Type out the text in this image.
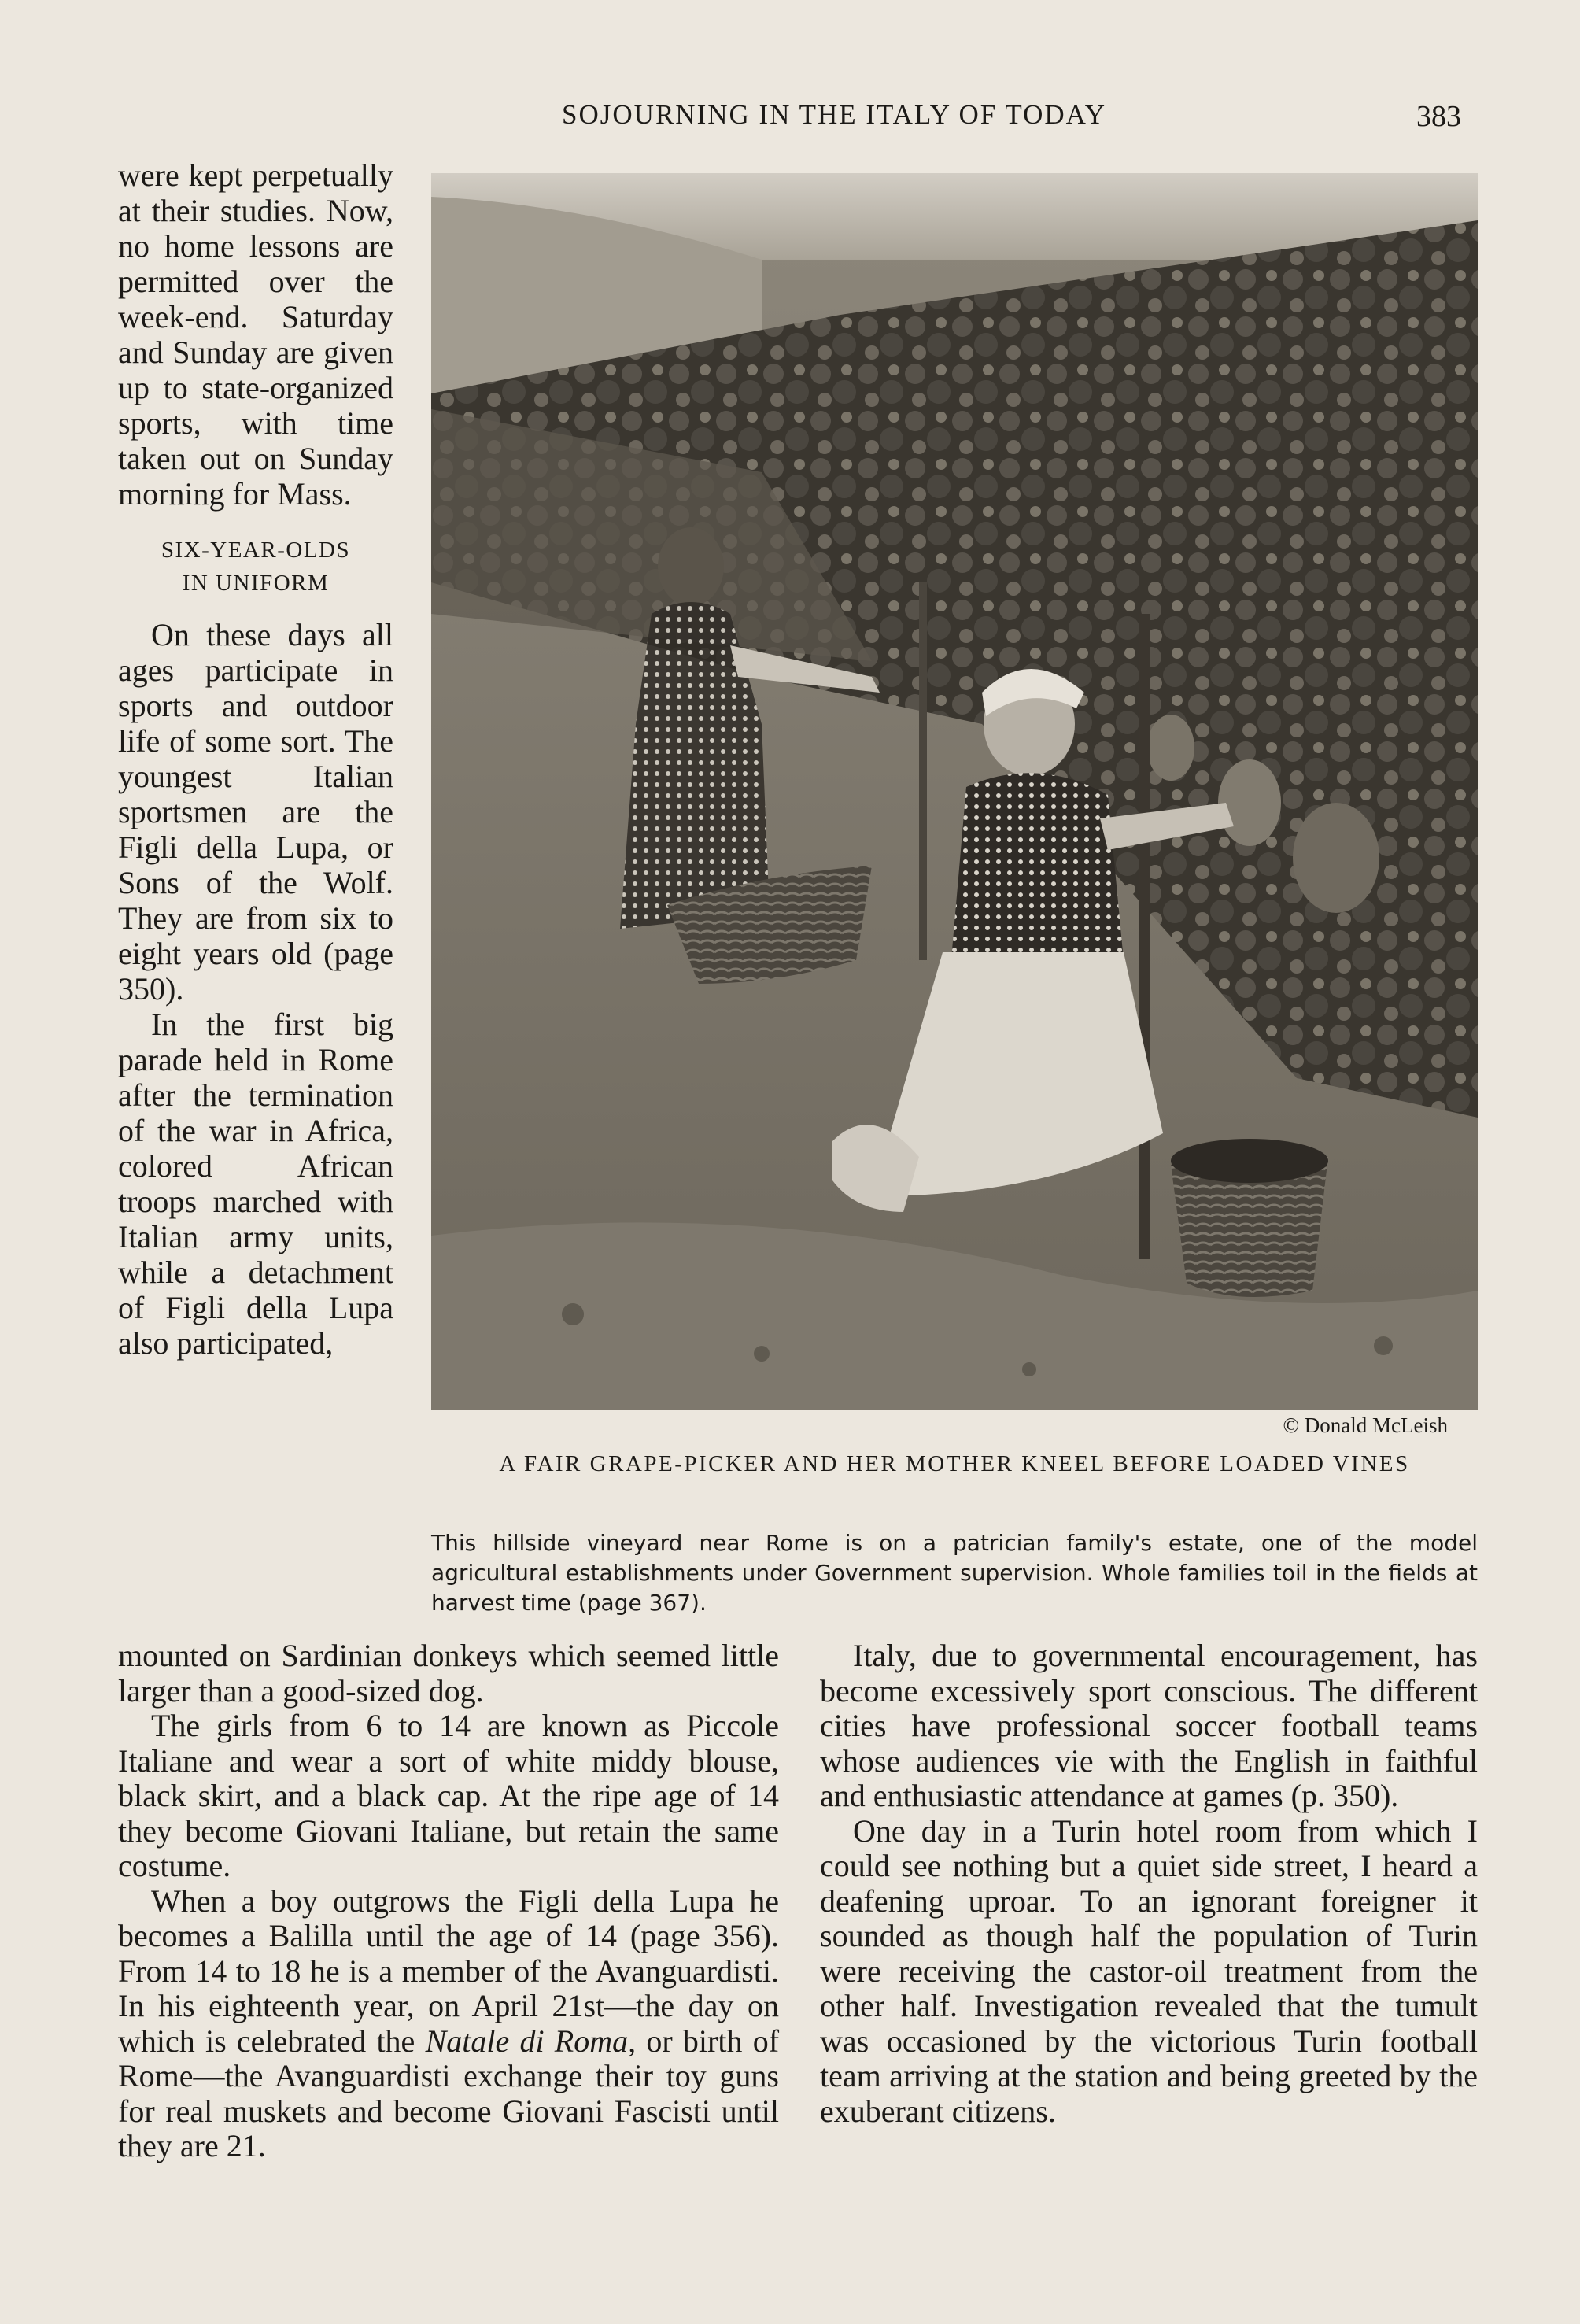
SOJOURNING IN THE ITALY OF TODAY	383

were kept perpetually at their studies. Now, no home lessons are permitted over the week-end. Saturday and Sunday are given up to state-organized sports, with time taken out on Sunday morning for Mass.

SIX-YEAR-OLDS
IN UNIFORM

On these days all ages participate in sports and outdoor life of some sort. The youngest Italian sportsmen are the Figli della Lupa, or Sons of the Wolf. They are from six to eight years old (page 350).

In the first big parade held in Rome after the termination of the war in Africa, colored African troops marched with Italian army units, while a detachment of Figli della Lupa also participated,

© Donald McLeish
A FAIR GRAPE-PICKER AND HER MOTHER KNEEL BEFORE LOADED VINES
This hillside vineyard near Rome is on a patrician family's estate, one of the model agricultural establishments under Government supervision. Whole families toil in the fields at harvest time (page 367).

mounted on Sardinian donkeys which seemed little larger than a good-sized dog.

The girls from 6 to 14 are known as Piccole Italiane and wear a sort of white middy blouse, black skirt, and a black cap. At the ripe age of 14 they become Giovani Italiane, but retain the same costume.

When a boy outgrows the Figli della Lupa he becomes a Balilla until the age of 14 (page 356). From 14 to 18 he is a member of the Avanguardisti. In his eighteenth year, on April 21st—the day on which is celebrated the Natale di Roma, or birth of Rome—the Avanguardisti exchange their toy guns for real muskets and become Giovani Fascisti until they are 21.

Italy, due to governmental encouragement, has become excessively sport conscious. The different cities have professional soccer football teams whose audiences vie with the English in faithful and enthusiastic attendance at games (p. 350).

One day in a Turin hotel room from which I could see nothing but a quiet side street, I heard a deafening uproar. To an ignorant foreigner it sounded as though half the population of Turin were receiving the castor-oil treatment from the other half. Investigation revealed that the tumult was occasioned by the victorious Turin football team arriving at the station and being greeted by the exuberant citizens.
